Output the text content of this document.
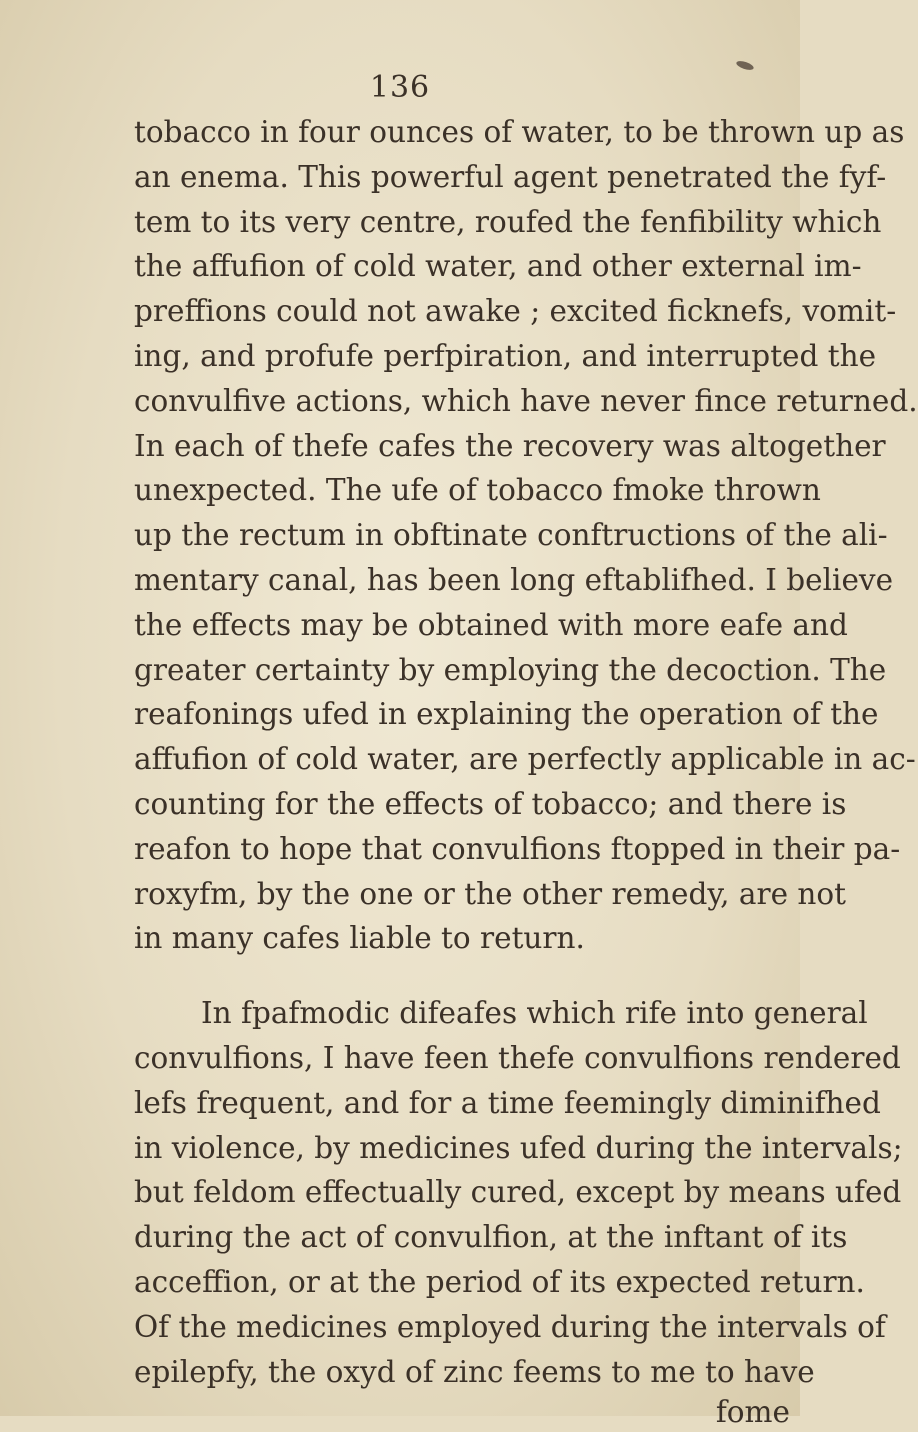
136
tobacco in four ounces of water, to be thrown up as
an enema. This powerful agent penetrated the fyf-
tem to its very centre, roufed the fenfibility which
the affufion of cold water, and other external im-
preffions could not awake ; excited ficknefs, vomit-
ing, and profufe perfpiration, and interrupted the
convulfive actions, which have never fince returned.
In each of thefe cafes the recovery was altogether
unexpected. The ufe of tobacco fmoke thrown
up the rectum in obftinate conftructions of the ali-
mentary canal, has been long eftablifhed. I believe
the effects may be obtained with more eafe and
greater certainty by employing the decoction. The
reafonings ufed in explaining the operation of the
affufion of cold water, are perfectly applicable in ac-
counting for the effects of tobacco; and there is
reafon to hope that convulfions ftopped in their pa-
roxyfm, by the one or the other remedy, are not
in many cafes liable to return.
In fpafmodic difeafes which rife into general
convulfions, I have feen thefe convulfions rendered
lefs frequent, and for a time feemingly diminifhed
in violence, by medicines ufed during the intervals;
but feldom effectually cured, except by means ufed
during the act of convulfion, at the inftant of its
acceffion, or at the period of its expected return.
Of the medicines employed during the intervals of
epilepfy, the oxyd of zinc feems to me to have
fome
